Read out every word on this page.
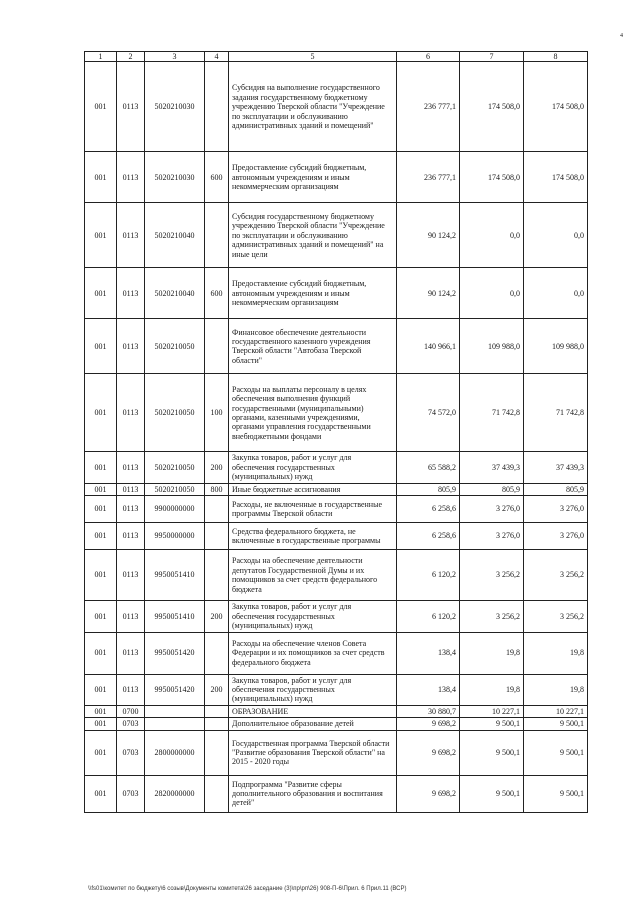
4
1	2	3	4	5	6	7	8
001	0113	5020210030		Субсидия на выполнение государственного задания государственному бюджетному учреждению Тверской области "Учреждение по эксплуатации и обслуживанию административных зданий и помещений"	236 777,1	174 508,0	174 508,0
001	0113	5020210030	600	Предоставление субсидий бюджетным, автономным учреждениям и иным некоммерческим организациям	236 777,1	174 508,0	174 508,0
001	0113	5020210040		Субсидия государственному бюджетному учреждению Тверской области "Учреждение по эксплуатации и обслуживанию административных зданий и помещений" на иные цели	90 124,2	0,0	0,0
001	0113	5020210040	600	Предоставление субсидий бюджетным, автономным учреждениям и иным некоммерческим организациям	90 124,2	0,0	0,0
001	0113	5020210050		Финансовое обеспечение деятельности государственного казенного учреждения Тверской области "Автобаза Тверской области"	140 966,1	109 988,0	109 988,0
001	0113	5020210050	100	Расходы на выплаты персоналу в целях обеспечения выполнения функций государственными (муниципальными) органами, казенными учреждениями, органами управления государственными внебюджетными фондами	74 572,0	71 742,8	71 742,8
001	0113	5020210050	200	Закупка товаров, работ и услуг для обеспечения государственных (муниципальных) нужд	65 588,2	37 439,3	37 439,3
001	0113	5020210050	800	Иные бюджетные ассигнования	805,9	805,9	805,9
001	0113	9900000000		Расходы, не включенные в государственные программы Тверской области	6 258,6	3 276,0	3 276,0
001	0113	9950000000		Средства федерального бюджета, не включенные в государственные программы	6 258,6	3 276,0	3 276,0
001	0113	9950051410		Расходы на обеспечение деятельности депутатов Государственной Думы и их помощников за счет средств федерального бюджета	6 120,2	3 256,2	3 256,2
001	0113	9950051410	200	Закупка товаров, работ и услуг для обеспечения государственных (муниципальных) нужд	6 120,2	3 256,2	3 256,2
001	0113	9950051420		Расходы на обеспечение членов Совета Федерации и их помощников за счет средств федерального бюджета	138,4	19,8	19,8
001	0113	9950051420	200	Закупка товаров, работ и услуг для обеспечения государственных (муниципальных) нужд	138,4	19,8	19,8
001	0700			ОБРАЗОВАНИЕ	30 880,7	10 227,1	10 227,1
001	0703			Дополнительное образование детей	9 698,2	9 500,1	9 500,1
001	0703	2800000000		Государственная программа Тверской области "Развитие образования Тверской области" на 2015 - 2020 годы	9 698,2	9 500,1	9 500,1
001	0703	2820000000		Подпрограмма "Развитие сферы дополнительного образования и воспитания детей"	9 698,2	9 500,1	9 500,1
\\fs01\комитет по бюджету\6 созыв\Документы комитета\26 заседание (3)\пр\рп\26) 908-П-6\Прил. 6 Прил.11 (ВСР)
